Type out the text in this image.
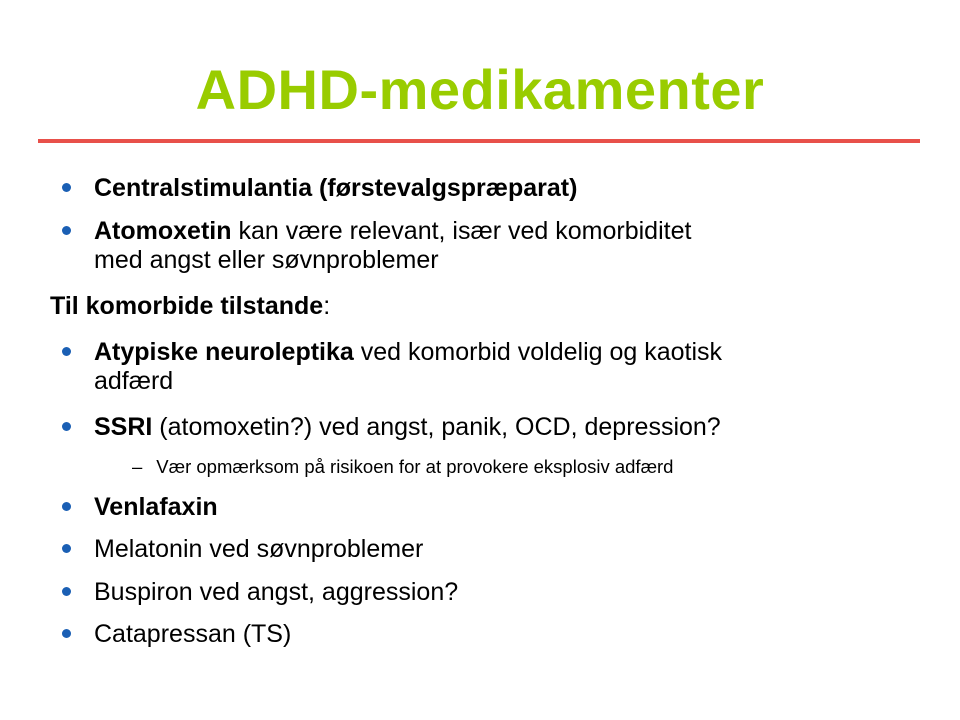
ADHD-medikamenter
Centralstimulantia (førstevalgspræparat)
Atomoxetin kan være relevant, især ved komorbiditet
med angst eller søvnproblemer
Til komorbide tilstande:
Atypiske neuroleptika ved komorbid voldelig og kaotisk
adfærd
SSRI (atomoxetin?) ved angst, panik, OCD, depression?
– Vær opmærksom på risikoen for at provokere eksplosiv adfærd
Venlafaxin
Melatonin ved søvnproblemer
Buspiron ved angst, aggression?
Catapressan (TS)
